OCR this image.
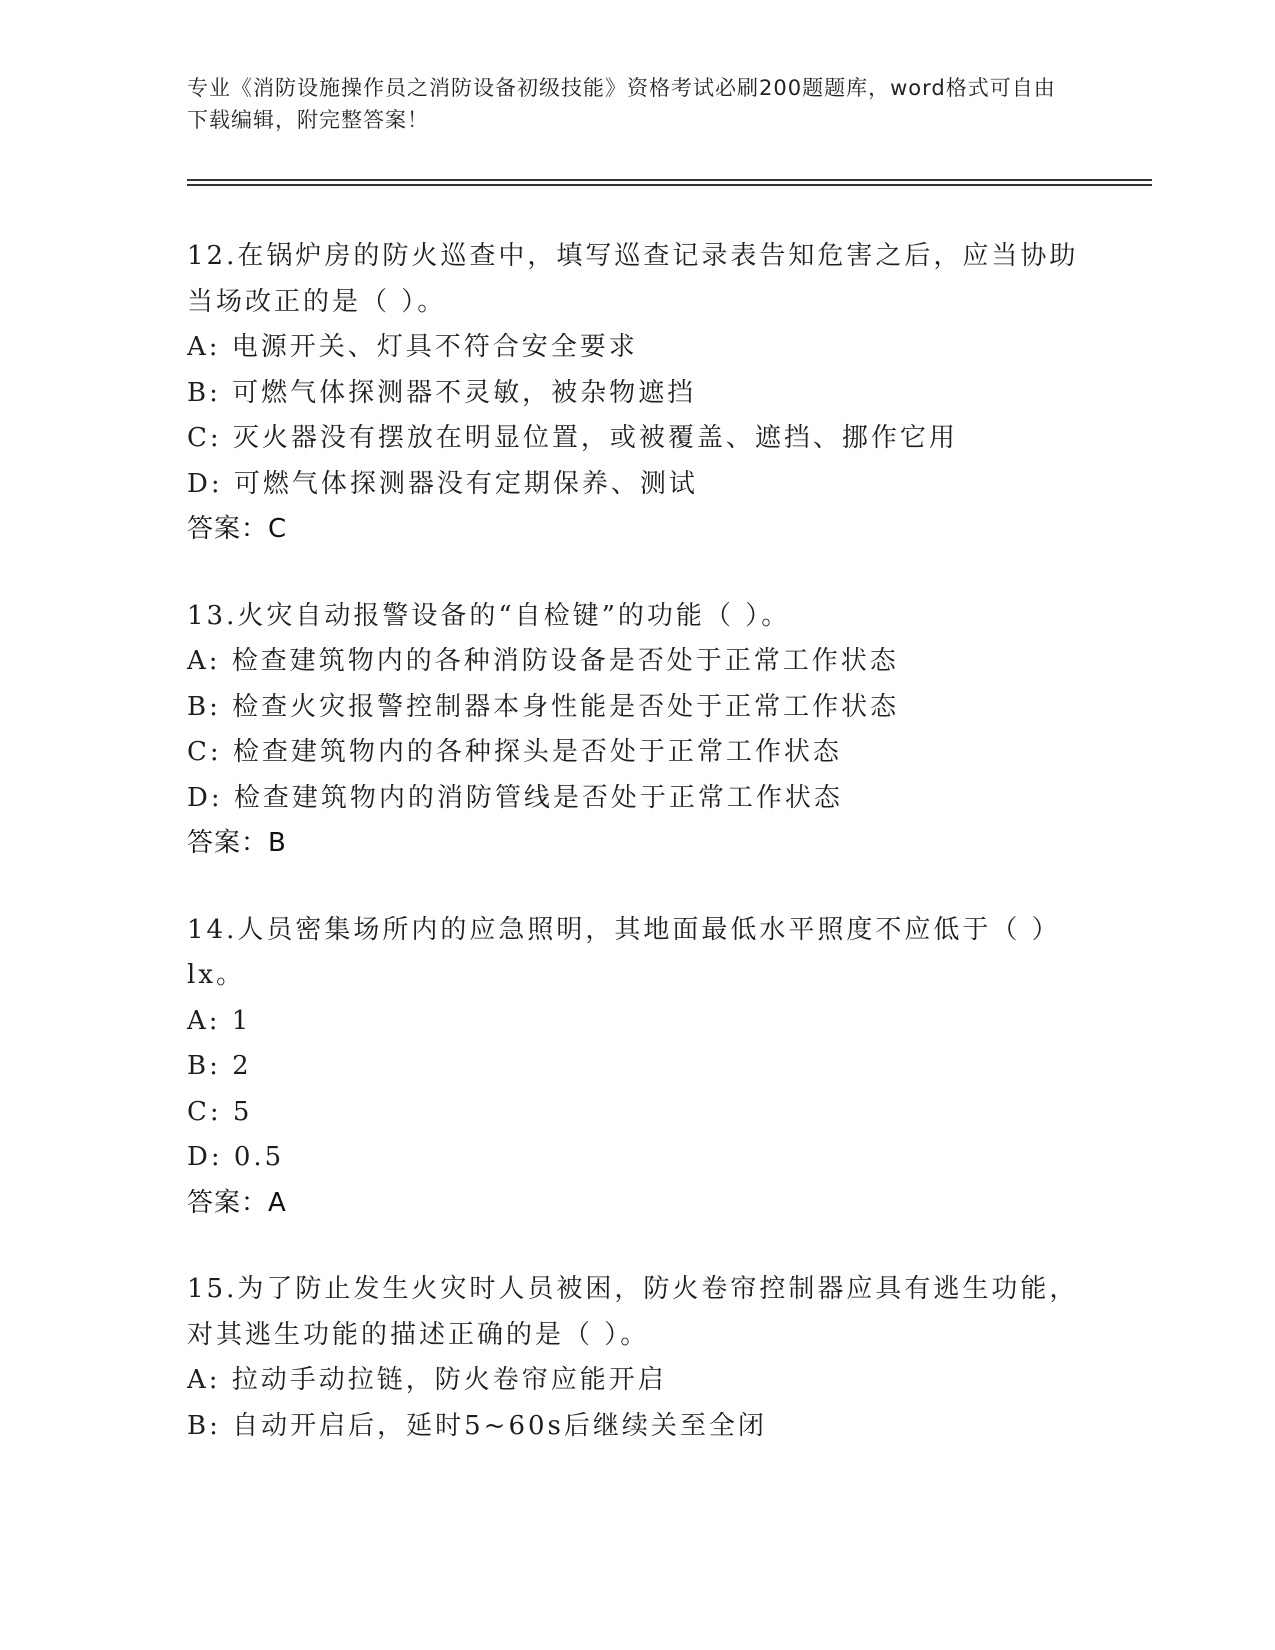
专业《消防设施操作员之消防设备初级技能》资格考试必刷200题题库，word格式可自由下载编辑，附完整答案！
12.在锅炉房的防火巡查中，填写巡查记录表告知危害之后，应当协助
当场改正的是（ ）。
A: 电源开关、灯具不符合安全要求
B: 可燃气体探测器不灵敏，被杂物遮挡
C: 灭火器没有摆放在明显位置，或被覆盖、遮挡、挪作它用
D: 可燃气体探测器没有定期保养、测试
答案：C
13.火灾自动报警设备的“自检键”的功能（ ）。
A: 检查建筑物内的各种消防设备是否处于正常工作状态
B: 检查火灾报警控制器本身性能是否处于正常工作状态
C: 检查建筑物内的各种探头是否处于正常工作状态
D: 检查建筑物内的消防管线是否处于正常工作状态
答案：B
14.人员密集场所内的应急照明，其地面最低水平照度不应低于（ ）
lx。
A: 1
B: 2
C: 5
D: 0.5
答案：A
15.为了防止发生火灾时人员被困，防火卷帘控制器应具有逃生功能，
对其逃生功能的描述正确的是（ ）。
A: 拉动手动拉链，防火卷帘应能开启
B: 自动开启后，延时5~60s后继续关至全闭
